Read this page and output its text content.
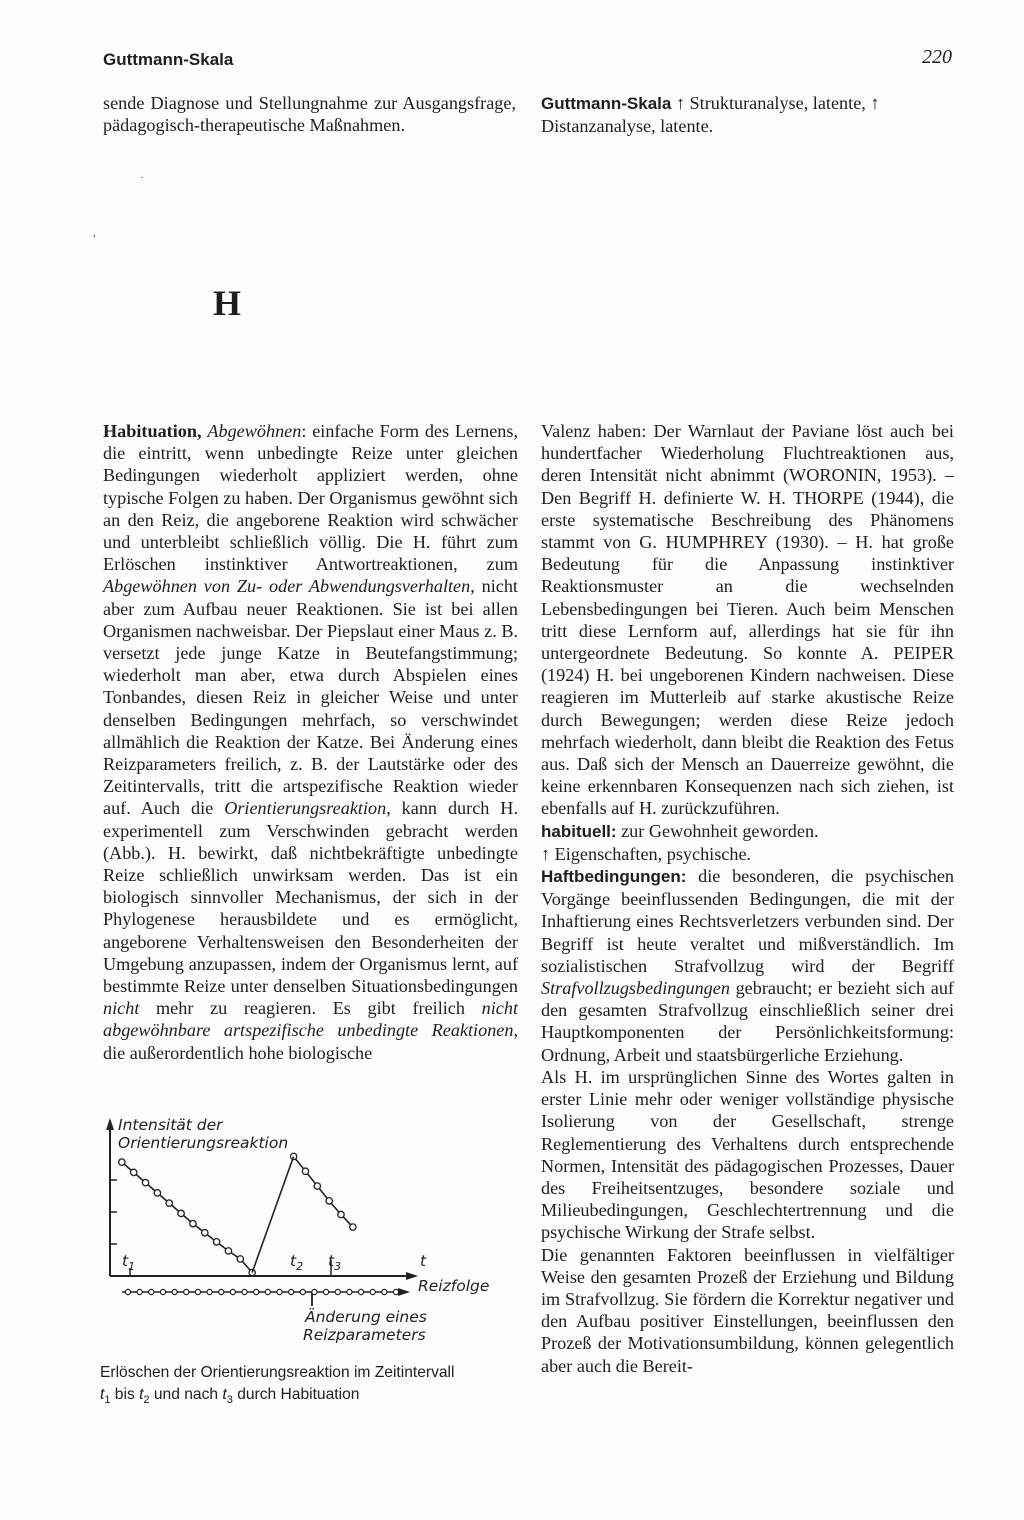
Guttmann-Skala	220

sende Diagnose und Stellungnahme zur Ausgangsfrage, pädagogisch-therapeutische Maßnahmen.

Guttmann-Skala ↑ Strukturanalyse, latente, ↑ Distanzanalyse, latente.

H
·
,

Habituation, Abgewöhnen: einfache Form des Lernens, die eintritt, wenn unbedingte Reize unter gleichen Bedingungen wiederholt appliziert werden, ohne typische Folgen zu haben. Der Organismus gewöhnt sich an den Reiz, die angeborene Reaktion wird schwächer und unterbleibt schließlich völlig. Die H. führt zum Erlöschen instinktiver Antwortreaktionen, zum Abgewöhnen von Zu- oder Abwendungsverhalten, nicht aber zum Aufbau neuer Reaktionen. Sie ist bei allen Organismen nachweisbar. Der Piepslaut einer Maus z. B. versetzt jede junge Katze in Beutefangstimmung; wiederholt man aber, etwa durch Abspielen eines Tonbandes, diesen Reiz in gleicher Weise und unter denselben Bedingungen mehrfach, so verschwindet allmählich die Reaktion der Katze. Bei Änderung eines Reizparameters freilich, z. B. der Lautstärke oder des Zeitintervalls, tritt die artspezifische Reaktion wieder auf. Auch die Orientierungsreaktion, kann durch H. experimentell zum Verschwinden gebracht werden (Abb.). H. bewirkt, daß nichtbekräftigte unbedingte Reize schließlich unwirksam werden. Das ist ein biologisch sinnvoller Mechanismus, der sich in der Phylogenese herausbildete und es ermöglicht, angeborene Verhaltensweisen den Besonderheiten der Umgebung anzupassen, indem der Organismus lernt, auf bestimmte Reize unter denselben Situationsbedingungen nicht mehr zu reagieren. Es gibt freilich nicht abgewöhnbare artspezifische unbedingte Reaktionen, die außerordentlich hohe biologische

Valenz haben: Der Warnlaut der Paviane löst auch bei hundertfacher Wiederholung Fluchtreaktionen aus, deren Intensität nicht abnimmt (WORONIN, 1953). – Den Begriff H. definierte W. H. THORPE (1944), die erste systematische Beschreibung des Phänomens stammt von G. HUMPHREY (1930). – H. hat große Bedeutung für die Anpassung instinktiver Reaktionsmuster an die wechselnden Lebensbedingungen bei Tieren. Auch beim Menschen tritt diese Lernform auf, allerdings hat sie für ihn untergeordnete Bedeutung. So konnte A. PEIPER (1924) H. bei ungeborenen Kindern nachweisen. Diese reagieren im Mutterleib auf starke akustische Reize durch Bewegungen; werden diese Reize jedoch mehrfach wiederholt, dann bleibt die Reaktion des Fetus aus. Daß sich der Mensch an Dauerreize gewöhnt, die keine erkennbaren Konsequenzen nach sich ziehen, ist ebenfalls auf H. zurückzuführen.

habituell: zur Gewohnheit geworden.

↑ Eigenschaften, psychische.

Haftbedingungen: die besonderen, die psychischen Vorgänge beeinflussenden Bedingungen, die mit der Inhaftierung eines Rechtsverletzers verbunden sind. Der Begriff ist heute veraltet und mißverständlich. Im sozialistischen Strafvollzug wird der Begriff Strafvollzugsbedingungen gebraucht; er bezieht sich auf den gesamten Strafvollzug einschließlich seiner drei Hauptkomponenten der Persönlichkeitsformung: Ordnung, Arbeit und staatsbürgerliche Erziehung.

Als H. im ursprünglichen Sinne des Wortes galten in erster Linie mehr oder weniger vollständige physische Isolierung von der Gesellschaft, strenge Reglementierung des Verhaltens durch entsprechende Normen, Intensität des pädagogischen Prozesses, Dauer des Freiheitsentzuges, besondere soziale und Milieubedingungen, Geschlechtertrennung und die psychische Wirkung der Strafe selbst.

Die genannten Faktoren beeinflussen in vielfältiger Weise den gesamten Prozeß der Erziehung und Bildung im Strafvollzug. Sie fördern die Korrektur negativer und den Aufbau positiver Einstellungen, beeinflussen den Prozeß der Motivationsumbildung, können gelegentlich aber auch die Bereit-

Intensität der
Orientierungsreaktion
t
$t_1$	$t_2$ $t_3$
Reizfolge
Änderung eines
Reizparameters

Erlöschen der Orientierungsreaktion im Zeitintervall

$t_1$ bis $t_2$ und nach $t_3$ durch Habituation
